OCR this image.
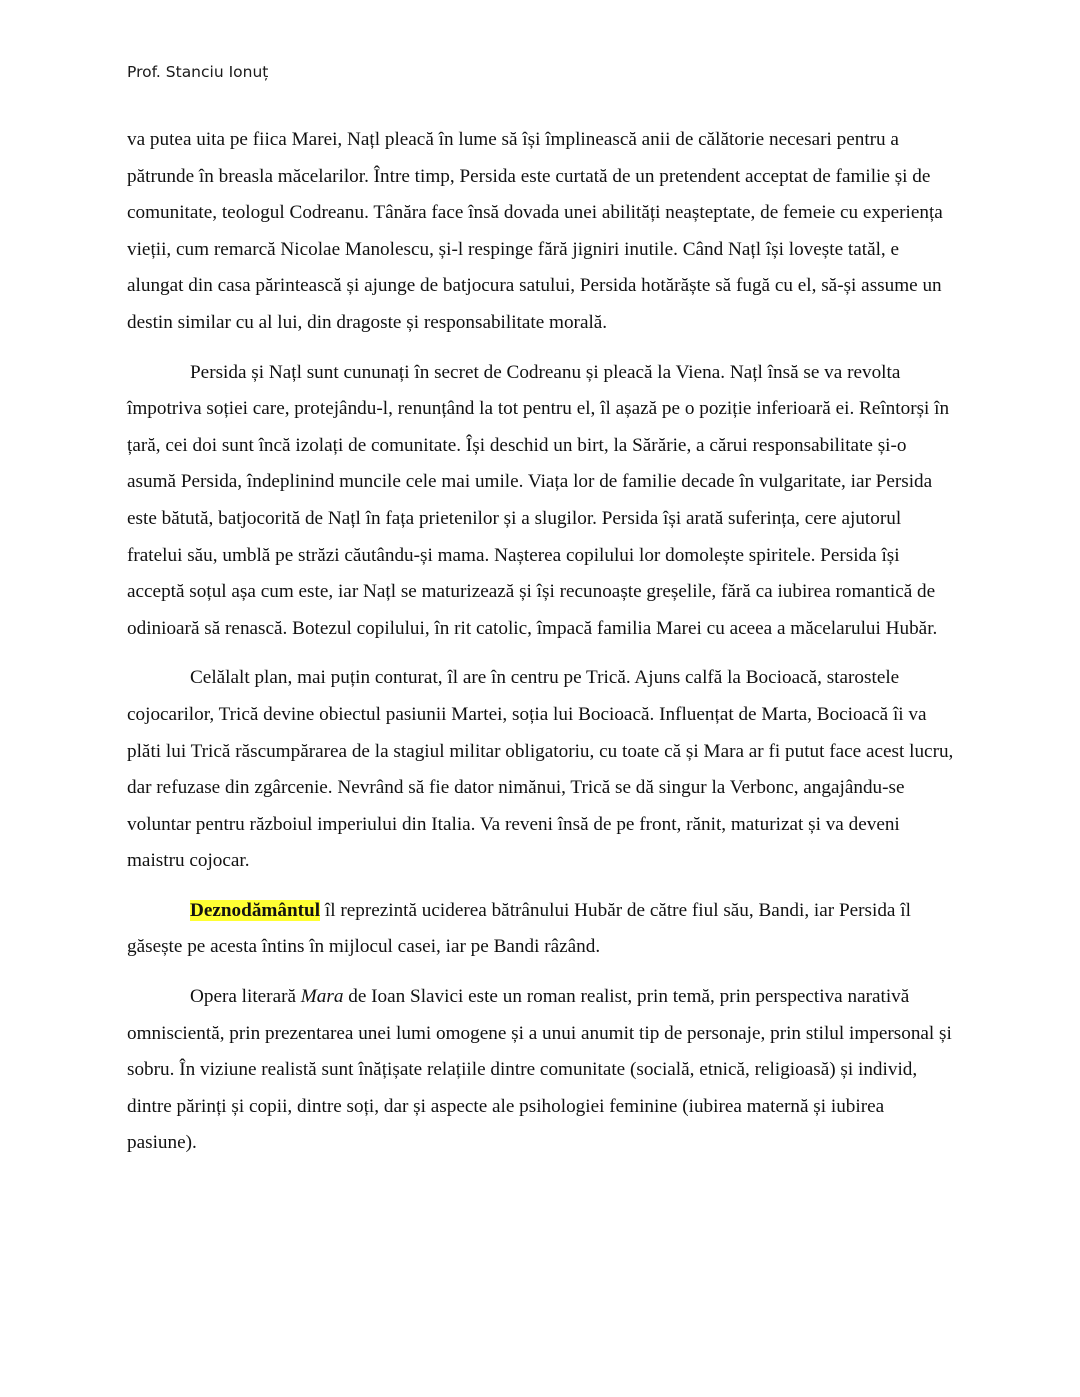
Prof. Stanciu Ionuț

va putea uita pe fiica Marei, Națl pleacă în lume să își împlinească anii de călătorie necesari pentru a pătrunde în breasla măcelarilor. Între timp, Persida este curtată de un pretendent acceptat de familie și de comunitate, teologul Codreanu. Tânăra face însă dovada unei abilități neașteptate, de femeie cu experiența vieții, cum remarcă Nicolae Manolescu, și-l respinge fără jigniri inutile. Când Națl își lovește tatăl, e alungat din casa părintească și ajunge de batjocura satului, Persida hotărăște să fugă cu el, să-și assume un destin similar cu al lui, din dragoste și responsabilitate morală.

Persida și Națl sunt cununați în secret de Codreanu și pleacă la Viena. Națl însă se va revolta împotriva soției care, protejându-l, renunțând la tot pentru el, îl așază pe o poziție inferioară ei. Reîntorși în țară, cei doi sunt încă izolați de comunitate. Își deschid un birt, la Sărărie, a cărui responsabilitate și-o asumă Persida, îndeplinind muncile cele mai umile. Viața lor de familie decade în vulgaritate, iar Persida este bătută, batjocorită de Națl în fața prietenilor și a slugilor. Persida își arată suferința, cere ajutorul fratelui său, umblă pe străzi căutându-și mama. Nașterea copilului lor domolește spiritele. Persida își acceptă soțul așa cum este, iar Națl se maturizează și își recunoaște greșelile, fără ca iubirea romantică de odinioară să renască. Botezul copilului, în rit catolic, împacă familia Marei cu aceea a măcelarului Hubăr.

Celălalt plan, mai puțin conturat, îl are în centru pe Trică. Ajuns calfă la Bocioacă, starostele cojocarilor, Trică devine obiectul pasiunii Martei, soția lui Bocioacă. Influențat de Marta, Bocioacă îi va plăti lui Trică răscumpărarea de la stagiul militar obligatoriu, cu toate că și Mara ar fi putut face acest lucru, dar refuzase din zgârcenie. Nevrând să fie dator nimănui, Trică se dă singur la Verbonc, angajându-se voluntar pentru războiul imperiului din Italia. Va reveni însă de pe front, rănit, maturizat și va deveni maistru cojocar.

Deznodământul îl reprezintă uciderea bătrânului Hubăr de către fiul său, Bandi, iar Persida îl găsește pe acesta întins în mijlocul casei, iar pe Bandi râzând.

Opera literară Mara de Ioan Slavici este un roman realist, prin temă, prin perspectiva narativă omniscientă, prin prezentarea unei lumi omogene și a unui anumit tip de personaje, prin stilul impersonal și sobru. În viziune realistă sunt înățișate relațiile dintre comunitate (socială, etnică, religioasă) și individ, dintre părinți și copii, dintre soți, dar și aspecte ale psihologiei feminine (iubirea maternă și iubirea pasiune).
